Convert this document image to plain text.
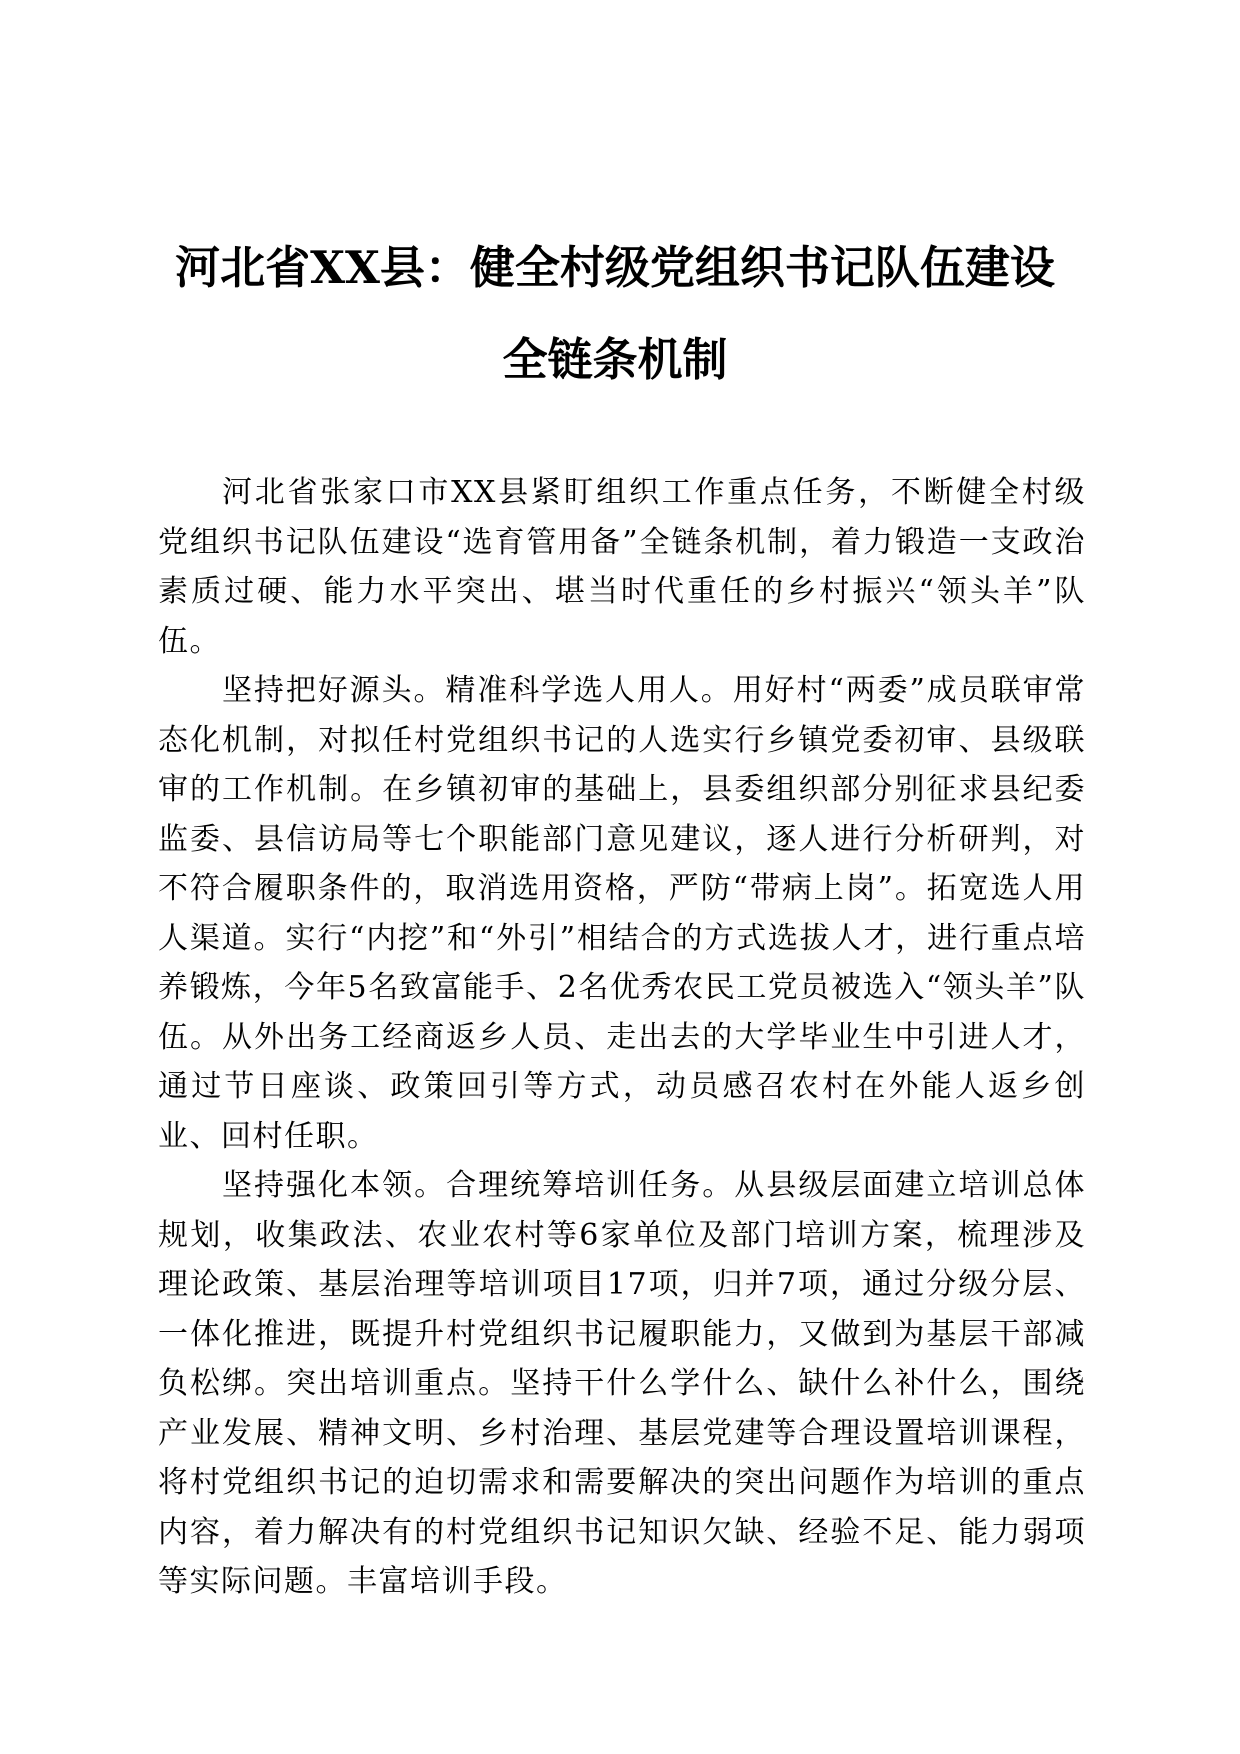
河北省XX县：健全村级党组织书记队伍建设
全链条机制

河北省张家口市XX县紧盯组织工作重点任务，不断健全村级党组织书记队伍建设“选育管用备”全链条机制，着力锻造一支政治素质过硬、能力水平突出、堪当时代重任的乡村振兴“领头羊”队伍。

坚持把好源头。精准科学选人用人。用好村“两委”成员联审常态化机制，对拟任村党组织书记的人选实行乡镇党委初审、县级联审的工作机制。在乡镇初审的基础上，县委组织部分别征求县纪委监委、县信访局等七个职能部门意见建议，逐人进行分析研判，对不符合履职条件的，取消选用资格，严防“带病上岗”。拓宽选人用人渠道。实行“内挖”和“外引”相结合的方式选拔人才，进行重点培养锻炼，今年5名致富能手、2名优秀农民工党员被选入“领头羊”队伍。从外出务工经商返乡人员、走出去的大学毕业生中引进人才，通过节日座谈、政策回引等方式，动员感召农村在外能人返乡创业、回村任职。

坚持强化本领。合理统筹培训任务。从县级层面建立培训总体规划，收集政法、农业农村等6家单位及部门培训方案，梳理涉及理论政策、基层治理等培训项目17项，归并7项，通过分级分层、一体化推进，既提升村党组织书记履职能力，又做到为基层干部减负松绑。突出培训重点。坚持干什么学什么、缺什么补什么，围绕产业发展、精神文明、乡村治理、基层党建等合理设置培训课程，将村党组织书记的迫切需求和需要解决的突出问题作为培训的重点内容，着力解决有的村党组织书记知识欠缺、经验不足、能力弱项等实际问题。丰富培训手段。
